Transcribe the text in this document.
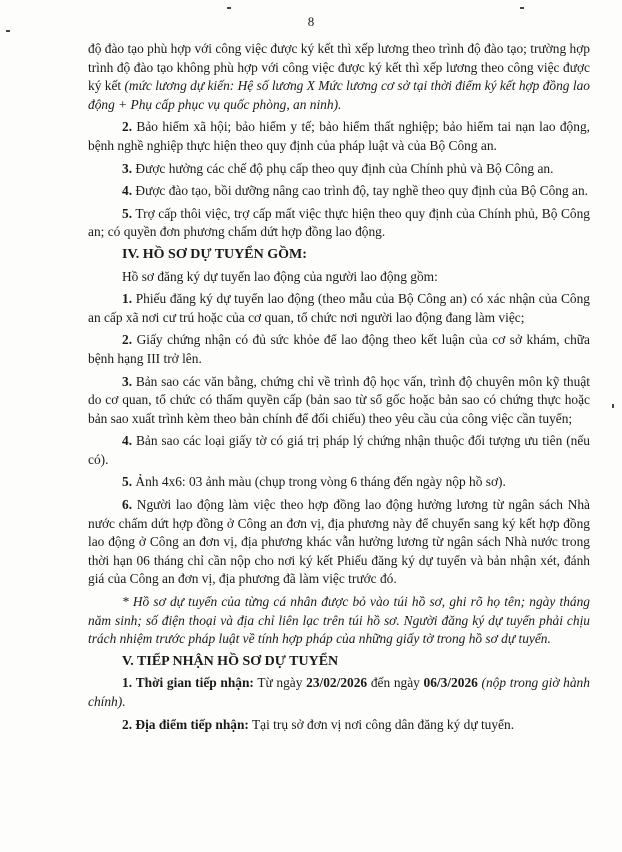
8

độ đào tạo phù hợp với công việc được ký kết thì xếp lương theo trình độ đào tạo; trường hợp trình độ đào tạo không phù hợp với công việc được ký kết thì xếp lương theo công việc được ký kết (mức lương dự kiến: Hệ số lương X Mức lương cơ sở tại thời điểm ký kết hợp đồng lao động + Phụ cấp phục vụ quốc phòng, an ninh).

2. Bảo hiểm xã hội; bảo hiểm y tế; bảo hiểm thất nghiệp; bảo hiểm tai nạn lao động, bệnh nghề nghiệp thực hiện theo quy định của pháp luật và của Bộ Công an.

3. Được hưởng các chế độ phụ cấp theo quy định của Chính phủ và Bộ Công an.

4. Được đào tạo, bồi dưỡng nâng cao trình độ, tay nghề theo quy định của Bộ Công an.

5. Trợ cấp thôi việc, trợ cấp mất việc thực hiện theo quy định của Chính phủ, Bộ Công an; có quyền đơn phương chấm dứt hợp đồng lao động.

IV. HỒ SƠ DỰ TUYỂN GỒM:

Hồ sơ đăng ký dự tuyển lao động của người lao động gồm:

1. Phiếu đăng ký dự tuyển lao động (theo mẫu của Bộ Công an) có xác nhận của Công an cấp xã nơi cư trú hoặc của cơ quan, tổ chức nơi người lao động đang làm việc;

2. Giấy chứng nhận có đủ sức khỏe để lao động theo kết luận của cơ sở khám, chữa bệnh hạng III trở lên.

3. Bản sao các văn bằng, chứng chỉ về trình độ học vấn, trình độ chuyên môn kỹ thuật do cơ quan, tổ chức có thẩm quyền cấp (bản sao từ sổ gốc hoặc bản sao có chứng thực hoặc bản sao xuất trình kèm theo bản chính để đối chiếu) theo yêu cầu của công việc cần tuyển;

4. Bản sao các loại giấy tờ có giá trị pháp lý chứng nhận thuộc đối tượng ưu tiên (nếu có).

5. Ảnh 4x6: 03 ảnh màu (chụp trong vòng 6 tháng đến ngày nộp hồ sơ).

6. Người lao động làm việc theo hợp đồng lao động hưởng lương từ ngân sách Nhà nước chấm dứt hợp đồng ở Công an đơn vị, địa phương này để chuyển sang ký kết hợp đồng lao động ở Công an đơn vị, địa phương khác vẫn hưởng lương từ ngân sách Nhà nước trong thời hạn 06 tháng chỉ cần nộp cho nơi ký kết Phiếu đăng ký dự tuyển và bản nhận xét, đánh giá của Công an đơn vị, địa phương đã làm việc trước đó.

* Hồ sơ dự tuyển của từng cá nhân được bỏ vào túi hồ sơ, ghi rõ họ tên; ngày tháng năm sinh; số điện thoại và địa chỉ liên lạc trên túi hồ sơ. Người đăng ký dự tuyển phải chịu trách nhiệm trước pháp luật về tính hợp pháp của những giấy tờ trong hồ sơ dự tuyển.

V. TIẾP NHẬN HỒ SƠ DỰ TUYỂN

1. Thời gian tiếp nhận: Từ ngày 23/02/2026 đến ngày 06/3/2026 (nộp trong giờ hành chính).

2. Địa điểm tiếp nhận: Tại trụ sở đơn vị nơi công dân đăng ký dự tuyển.
